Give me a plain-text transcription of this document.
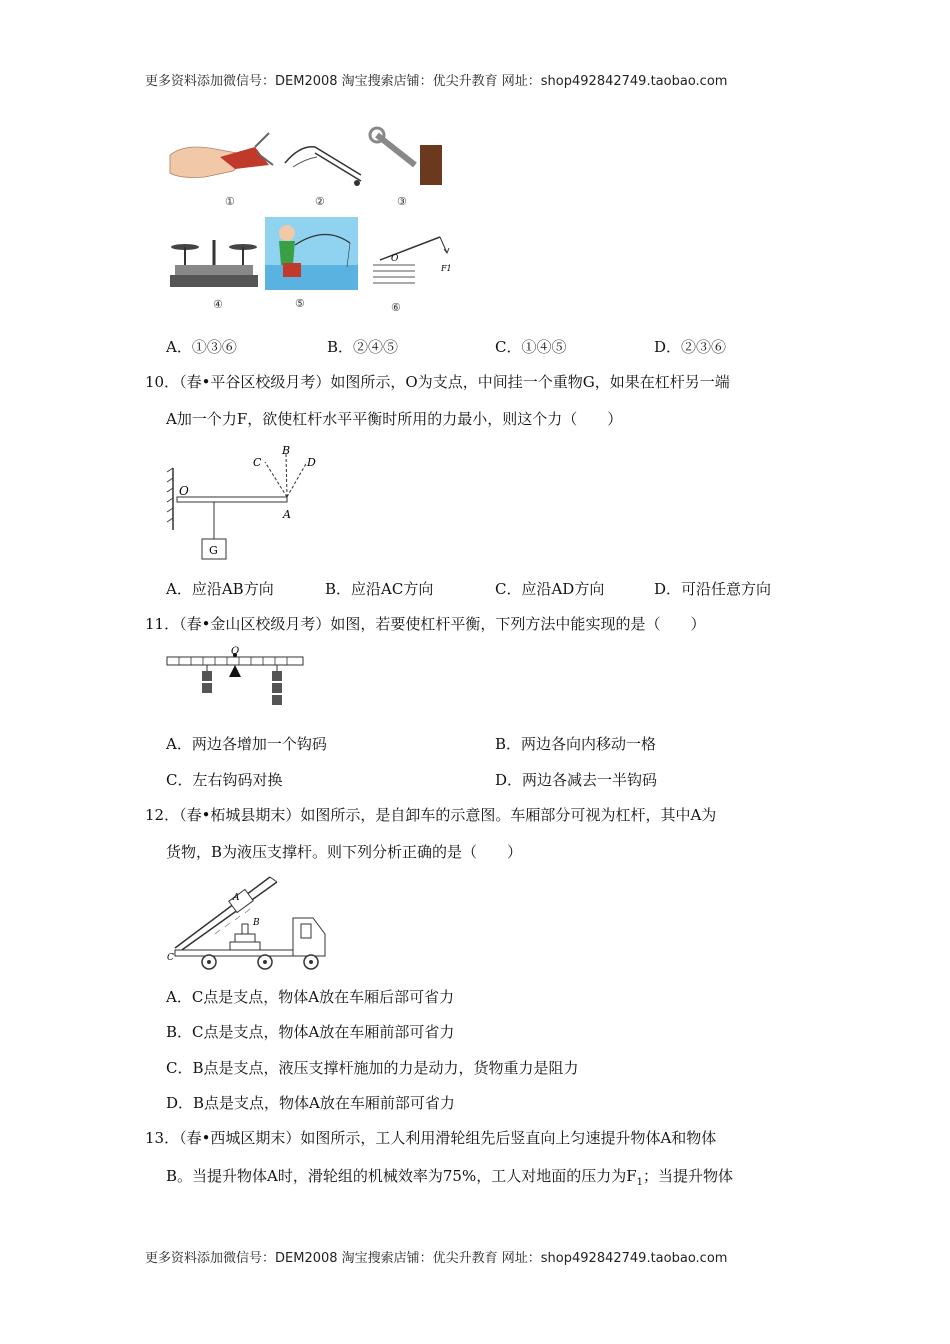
更多资料添加微信号：DEM2008 淘宝搜索店铺：优尖升教育 网址：shop492842749.taobao.com
①	②	③
④	⑤
O
F1
⑥
A．①③⑥	B．②④⑤	C．①④⑤	D．②③⑥
10．（春•平谷区校级月考）如图所示，O为支点，中间挂一个重物G，如果在杠杆另一端
A加一个力F，欲使杠杆水平平衡时所用的力最小，则这个力（　　）
O
A
B
C	D
G
A．应沿AB方向	B．应沿AC方向	C．应沿AD方向	D．可沿任意方向
11．（春•金山区校级月考）如图，若要使杠杆平衡，下列方法中能实现的是（　　）
O
A．两边各增加一个钩码	B．两边各向内移动一格
C．左右钩码对换	D．两边各减去一半钩码
12．（春•柘城县期末）如图所示，是自卸车的示意图。车厢部分可视为杠杆，其中A为
货物，B为液压支撑杆。则下列分析正确的是（　　）
A
B
C
A．C点是支点，物体A放在车厢后部可省力
B．C点是支点，物体A放在车厢前部可省力
C．B点是支点，液压支撑杆施加的力是动力，货物重力是阻力
D．B点是支点，物体A放在车厢前部可省力
13．（春•西城区期末）如图所示，工人利用滑轮组先后竖直向上匀速提升物体A和物体
B。当提升物体A时，滑轮组的机械效率为75%，工人对地面的压力为$F_1$；当提升物体
更多资料添加微信号：DEM2008 淘宝搜索店铺：优尖升教育 网址：shop492842749.taobao.com
